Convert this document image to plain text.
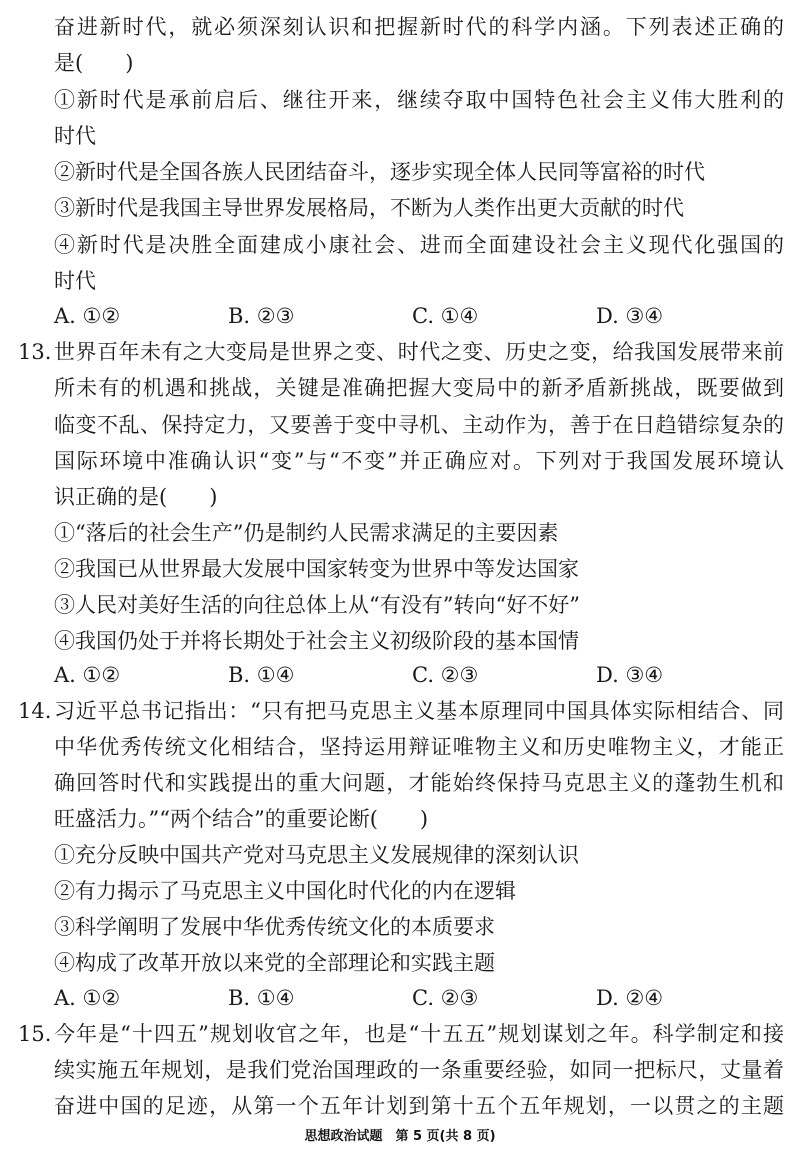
奋进新时代，就必须深刻认识和把握新时代的科学内涵。下列表述正确的
是(　　)
①新时代是承前启后、继往开来，继续夺取中国特色社会主义伟大胜利的
时代
②新时代是全国各族人民团结奋斗，逐步实现全体人民同等富裕的时代
③新时代是我国主导世界发展格局，不断为人类作出更大贡献的时代
④新时代是决胜全面建成小康社会、进而全面建设社会主义现代化强国的
时代
A. ①②	B. ②③	C. ①④	D. ③④
13. 世界百年未有之大变局是世界之变、时代之变、历史之变，给我国发展带来前
所未有的机遇和挑战，关键是准确把握大变局中的新矛盾新挑战，既要做到
临变不乱、保持定力，又要善于变中寻机、主动作为，善于在日趋错综复杂的
国际环境中准确认识“变”与“不变”并正确应对。下列对于我国发展环境认
识正确的是(　　)
①“落后的社会生产”仍是制约人民需求满足的主要因素
②我国已从世界最大发展中国家转变为世界中等发达国家
③人民对美好生活的向往总体上从“有没有”转向“好不好”
④我国仍处于并将长期处于社会主义初级阶段的基本国情
A. ①②	B. ①④	C. ②③	D. ③④
14. 习近平总书记指出：“只有把马克思主义基本原理同中国具体实际相结合、同
中华优秀传统文化相结合，坚持运用辩证唯物主义和历史唯物主义，才能正
确回答时代和实践提出的重大问题，才能始终保持马克思主义的蓬勃生机和
旺盛活力。”“两个结合”的重要论断(　　)
①充分反映中国共产党对马克思主义发展规律的深刻认识
②有力揭示了马克思主义中国化时代化的内在逻辑
③科学阐明了发展中华优秀传统文化的本质要求
④构成了改革开放以来党的全部理论和实践主题
A. ①②	B. ①④	C. ②③	D. ②④
15. 今年是“十四五”规划收官之年，也是“十五五”规划谋划之年。科学制定和接
续实施五年规划，是我们党治国理政的一条重要经验，如同一把标尺，丈量着
奋进中国的足迹，从第一个五年计划到第十五个五年规划，一以贯之的主题
思想政治试题　第 5 页(共 8 页)
